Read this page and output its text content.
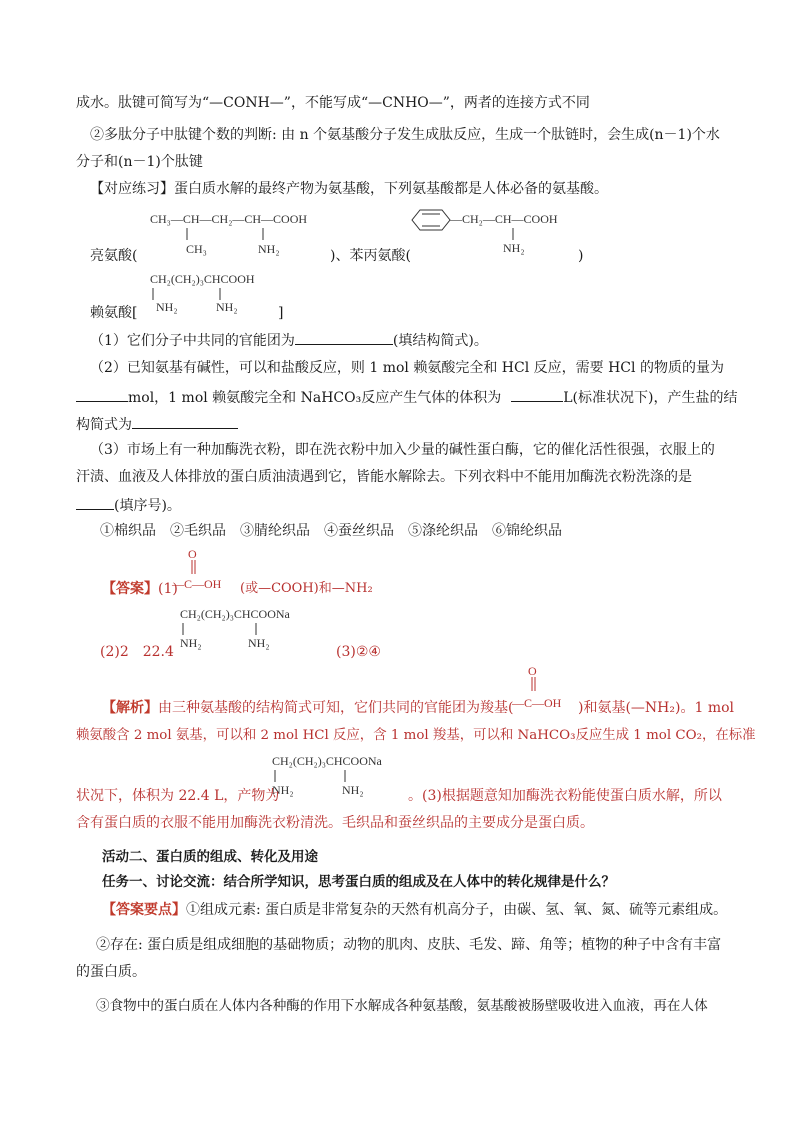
成水。肽键可简写为“—CONH—”，不能写成“—CNHO—”，两者的连接方式不同
②多肽分子中肽键个数的判断: 由 n 个氨基酸分子发生成肽反应，生成一个肽链时，会生成(n－1)个水
分子和(n－1)个肽键
【对应练习】蛋白质水解的最终产物为氨基酸，下列氨基酸都是人体必备的氨基酸。
CH₃—CH—CH₂—CH—COOH
CH₃	NH₂
—CH₂—CH—COOH
NH₂
亮氨酸(	)、苯丙氨酸(	)
CH₂(CH₂)₃CHCOOH
NH₂	NH₂
赖氨酸[	]
（1）它们分子中共同的官能团为	(填结构简式)。
（2）已知氨基有碱性，可以和盐酸反应，则 1 mol 赖氨酸完全和 HCl 反应，需要 HCl 的物质的量为
mol，1 mol 赖氨酸完全和 NaHCO₃反应产生气体的体积为	L(标准状况下)，产生盐的结
构简式为
（3）市场上有一种加酶洗衣粉，即在洗衣粉中加入少量的碱性蛋白酶，它的催化活性很强，衣服上的
汗渍、血液及人体排放的蛋白质油渍遇到它，皆能水解除去。下列衣料中不能用加酶洗衣粉洗涤的是
(填序号)。
①棉织品　②毛织品　③腈纶织品　④蚕丝织品　⑤涤纶织品　⑥锦纶织品
O
【答案】(1)
—C—OH (或—COOH)和—NH₂
CH₂(CH₂)₃CHCOONa
NH₂	NH₂
(2)2　22.4	(3)②④
O
【解析】由三种氨基酸的结构简式可知，它们共同的官能团为羧基(
—C—OH )和氨基(—NH₂)。1 mol
赖氨酸含 2 mol 氨基，可以和 2 mol HCl 反应，含 1 mol 羧基，可以和 NaHCO₃反应生成 1 mol CO₂，在标准
CH₂(CH₂)₃CHCOONa
NH₂	NH₂
状况下，体积为 22.4 L，产物为	。(3)根据题意知加酶洗衣粉能使蛋白质水解，所以
含有蛋白质的衣服不能用加酶洗衣粉清洗。毛织品和蚕丝织品的主要成分是蛋白质。
活动二、蛋白质的组成、转化及用途
任务一、讨论交流：结合所学知识，思考蛋白质的组成及在人体中的转化规律是什么？
【答案要点】①组成元素: 蛋白质是非常复杂的天然有机高分子，由碳、氢、氧、氮、硫等元素组成。
②存在: 蛋白质是组成细胞的基础物质；动物的肌肉、皮肤、毛发、蹄、角等；植物的种子中含有丰富
的蛋白质。
③食物中的蛋白质在人体内各种酶的作用下水解成各种氨基酸，氨基酸被肠壁吸收进入血液，再在人体
